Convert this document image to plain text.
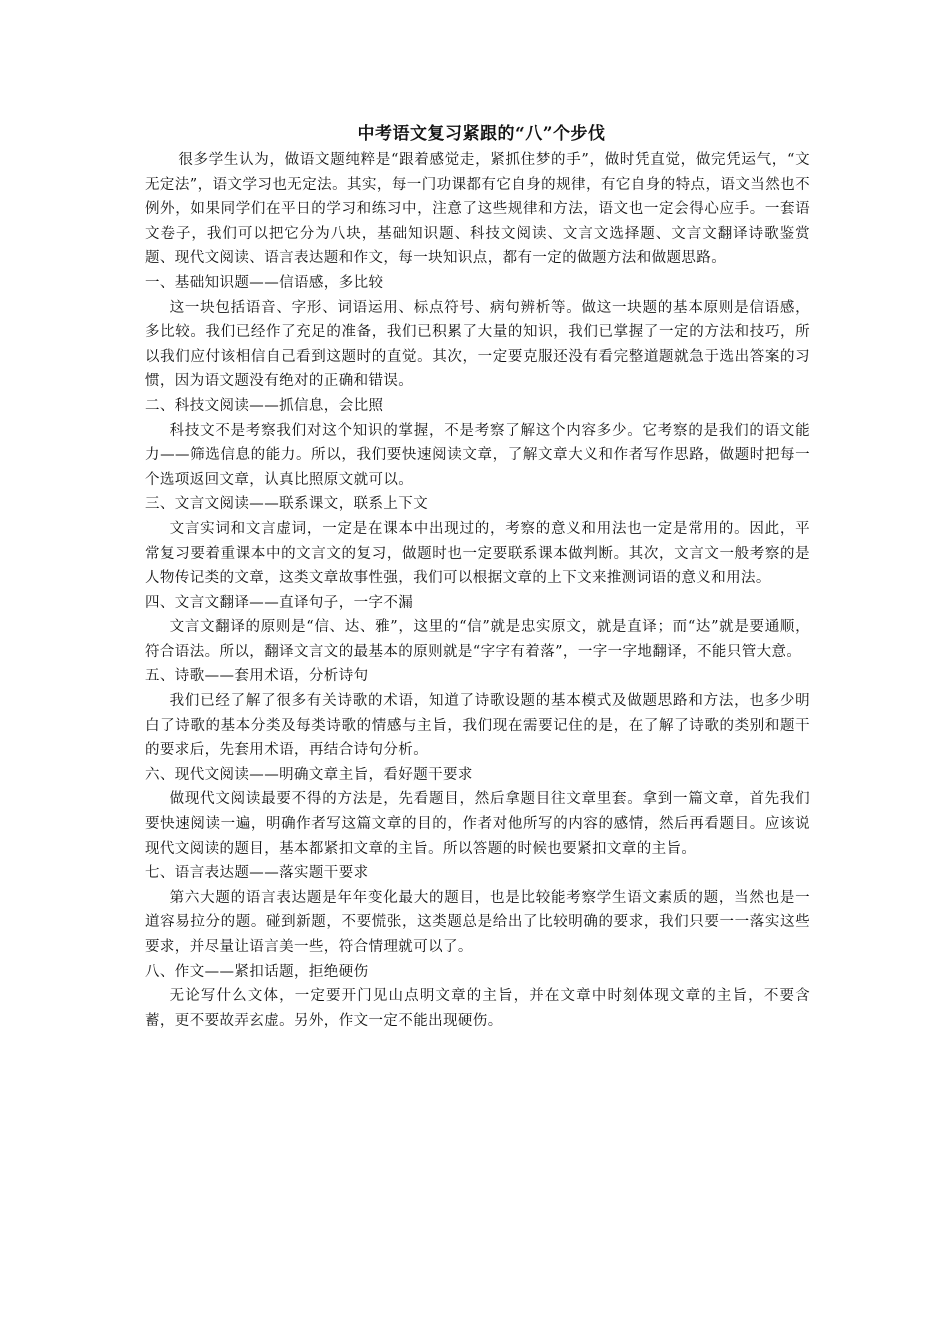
中考语文复习紧跟的“八”个步伐

很多学生认为，做语文题纯粹是“跟着感觉走，紧抓住梦的手”，做时凭直觉，做完凭运气，“文无定法”，语文学习也无定法。其实，每一门功课都有它自身的规律，有它自身的特点，语文当然也不例外，如果同学们在平日的学习和练习中，注意了这些规律和方法，语文也一定会得心应手。一套语文卷子，我们可以把它分为八块，基础知识题、科技文阅读、文言文选择题、文言文翻译诗歌鉴赏题、现代文阅读、语言表达题和作文，每一块知识点，都有一定的做题方法和做题思路。

一、基础知识题——信语感，多比较

这一块包括语音、字形、词语运用、标点符号、病句辨析等。做这一块题的基本原则是信语感，多比较。我们已经作了充足的准备，我们已积累了大量的知识，我们已掌握了一定的方法和技巧，所以我们应付该相信自己看到这题时的直觉。其次，一定要克服还没有看完整道题就急于选出答案的习惯，因为语文题没有绝对的正确和错误。

二、科技文阅读——抓信息，会比照

科技文不是考察我们对这个知识的掌握，不是考察了解这个内容多少。它考察的是我们的语文能力——筛选信息的能力。所以，我们要快速阅读文章，了解文章大义和作者写作思路，做题时把每一个选项返回文章，认真比照原文就可以。

三、文言文阅读——联系课文，联系上下文

文言实词和文言虚词，一定是在课本中出现过的，考察的意义和用法也一定是常用的。因此，平常复习要着重课本中的文言文的复习，做题时也一定要联系课本做判断。其次，文言文一般考察的是人物传记类的文章，这类文章故事性强，我们可以根据文章的上下文来推测词语的意义和用法。

四、文言文翻译——直译句子，一字不漏

文言文翻译的原则是“信、达、雅”，这里的“信”就是忠实原文，就是直译；而“达”就是要通顺，符合语法。所以，翻译文言文的最基本的原则就是“字字有着落”，一字一字地翻译，不能只管大意。

五、诗歌——套用术语，分析诗句

我们已经了解了很多有关诗歌的术语，知道了诗歌设题的基本模式及做题思路和方法，也多少明白了诗歌的基本分类及每类诗歌的情感与主旨，我们现在需要记住的是，在了解了诗歌的类别和题干的要求后，先套用术语，再结合诗句分析。

六、现代文阅读——明确文章主旨，看好题干要求

做现代文阅读最要不得的方法是，先看题目，然后拿题目往文章里套。拿到一篇文章，首先我们要快速阅读一遍，明确作者写这篇文章的目的，作者对他所写的内容的感情，然后再看题目。应该说现代文阅读的题目，基本都紧扣文章的主旨。所以答题的时候也要紧扣文章的主旨。

七、语言表达题——落实题干要求

第六大题的语言表达题是年年变化最大的题目，也是比较能考察学生语文素质的题，当然也是一道容易拉分的题。碰到新题，不要慌张，这类题总是给出了比较明确的要求，我们只要一一落实这些要求，并尽量让语言美一些，符合情理就可以了。

八、作文——紧扣话题，拒绝硬伤

无论写什么文体，一定要开门见山点明文章的主旨，并在文章中时刻体现文章的主旨，不要含蓄，更不要故弄玄虚。另外，作文一定不能出现硬伤。
